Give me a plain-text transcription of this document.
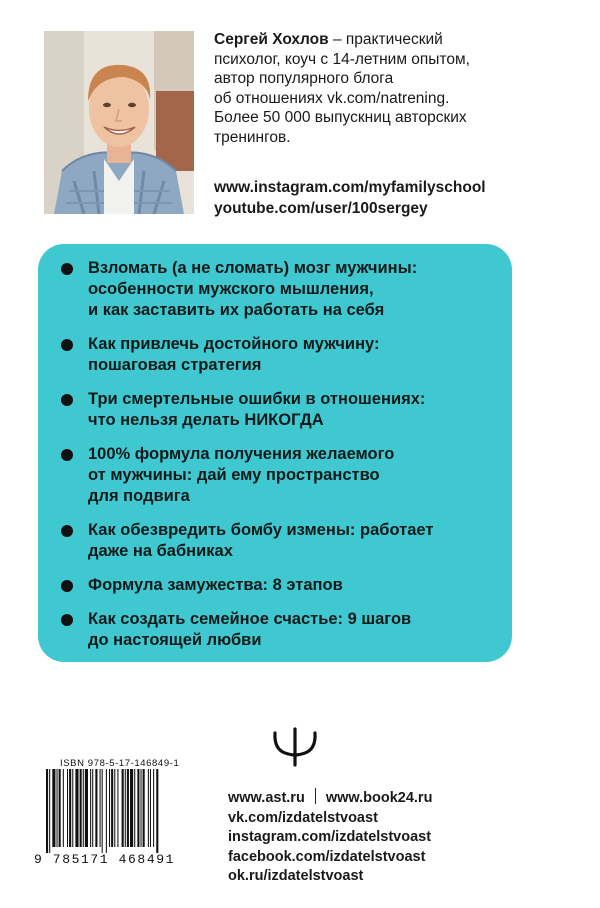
Сергей Хохлов – практический
психолог, коуч с 14-летним опытом,
автор популярного блога
об отношениях vk.com/natrening.
Более 50 000 выпускниц авторских
тренингов.
www.instagram.com/myfamilyschool
youtube.com/user/100sergey
Взломать (а не сломать) мозг мужчины:
особенности мужского мышления,
и как заставить их работать на себя
Как привлечь достойного мужчину:
пошаговая стратегия
Три смертельные ошибки в отношениях:
что нельзя делать НИКОГДА
100% формула получения желаемого
от мужчины: дай ему пространство
для подвига
Как обезвредить бомбу измены: работает
даже на бабниках
Формула замужества: 8 этапов
Как создать семейное счастье: 9 шагов
до настоящей любви
ISBN 978-5-17-146849-1
9 785171 468491
www.ast.ru www.book24.ru
vk.com/izdatelstvoast
instagram.com/izdatelstvoast
facebook.com/izdatelstvoast
ok.ru/izdatelstvoast
